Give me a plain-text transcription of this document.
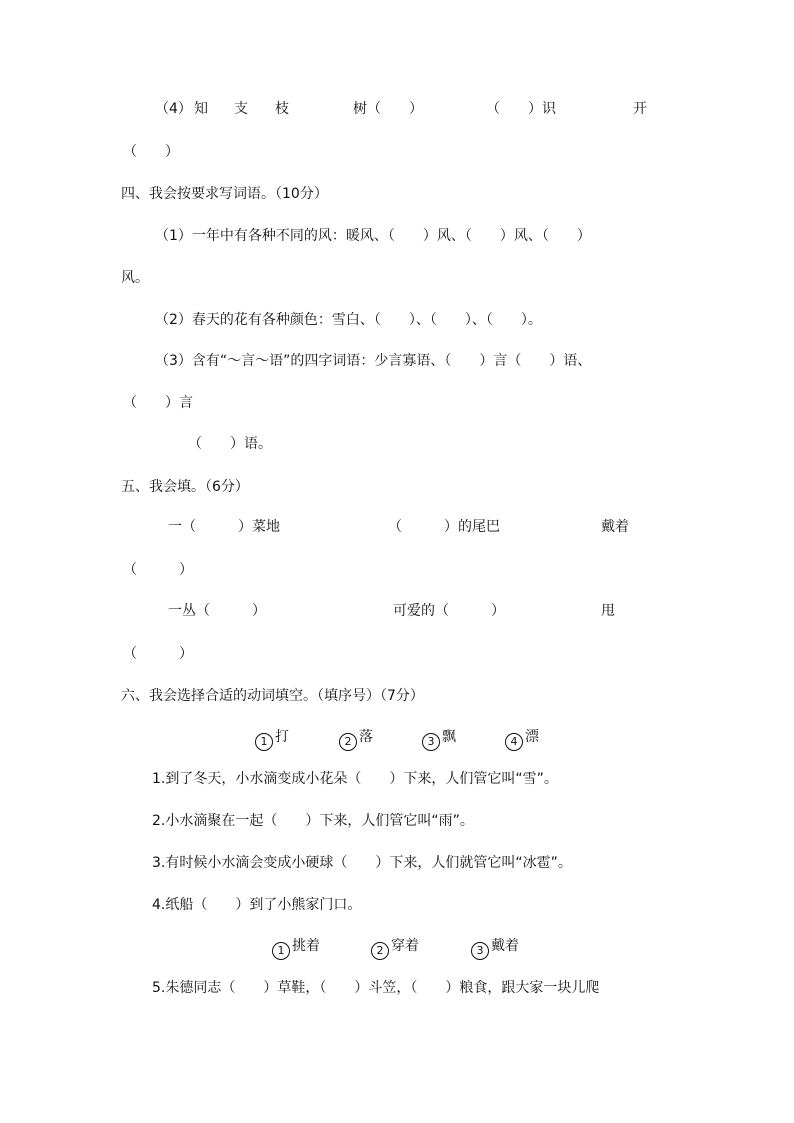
（4） 知 支 枝	树（　　）	（　　）识	开
（　　）
四、我会按要求写词语。（10分）
（1）一年中有各种不同的风：暖风、（　　）风、（　　）风、（　　）
风。
（2）春天的花有各种颜色：雪白、（　　）、（　　）、（　　）。
（3）含有“～言～语”的四字词语：少言寡语、（　　）言（　　）语、
（　　）言
（　　）语。
五、我会填。（6分）
一（　　　）菜地	（　　　）的尾巴	戴着
（　　　）
一丛（　　　）	可爱的（　　　）	甩
（　　　）
六、我会选择合适的动词填空。（填序号）（7分）
1 打	2 落	3 飘	4 漂
1.到了冬天，小水滴变成小花朵（　　）下来，人们管它叫“雪”。
2.小水滴聚在一起（　　）下来，人们管它叫“雨”。
3.有时候小水滴会变成小硬球（　　）下来，人们就管它叫“冰雹”。
4.纸船（　　）到了小熊家门口。
1 挑着	2 穿着	3 戴着
5.朱德同志（　　）草鞋，（　　）斗笠，（　　）粮食，跟大家一块儿爬
